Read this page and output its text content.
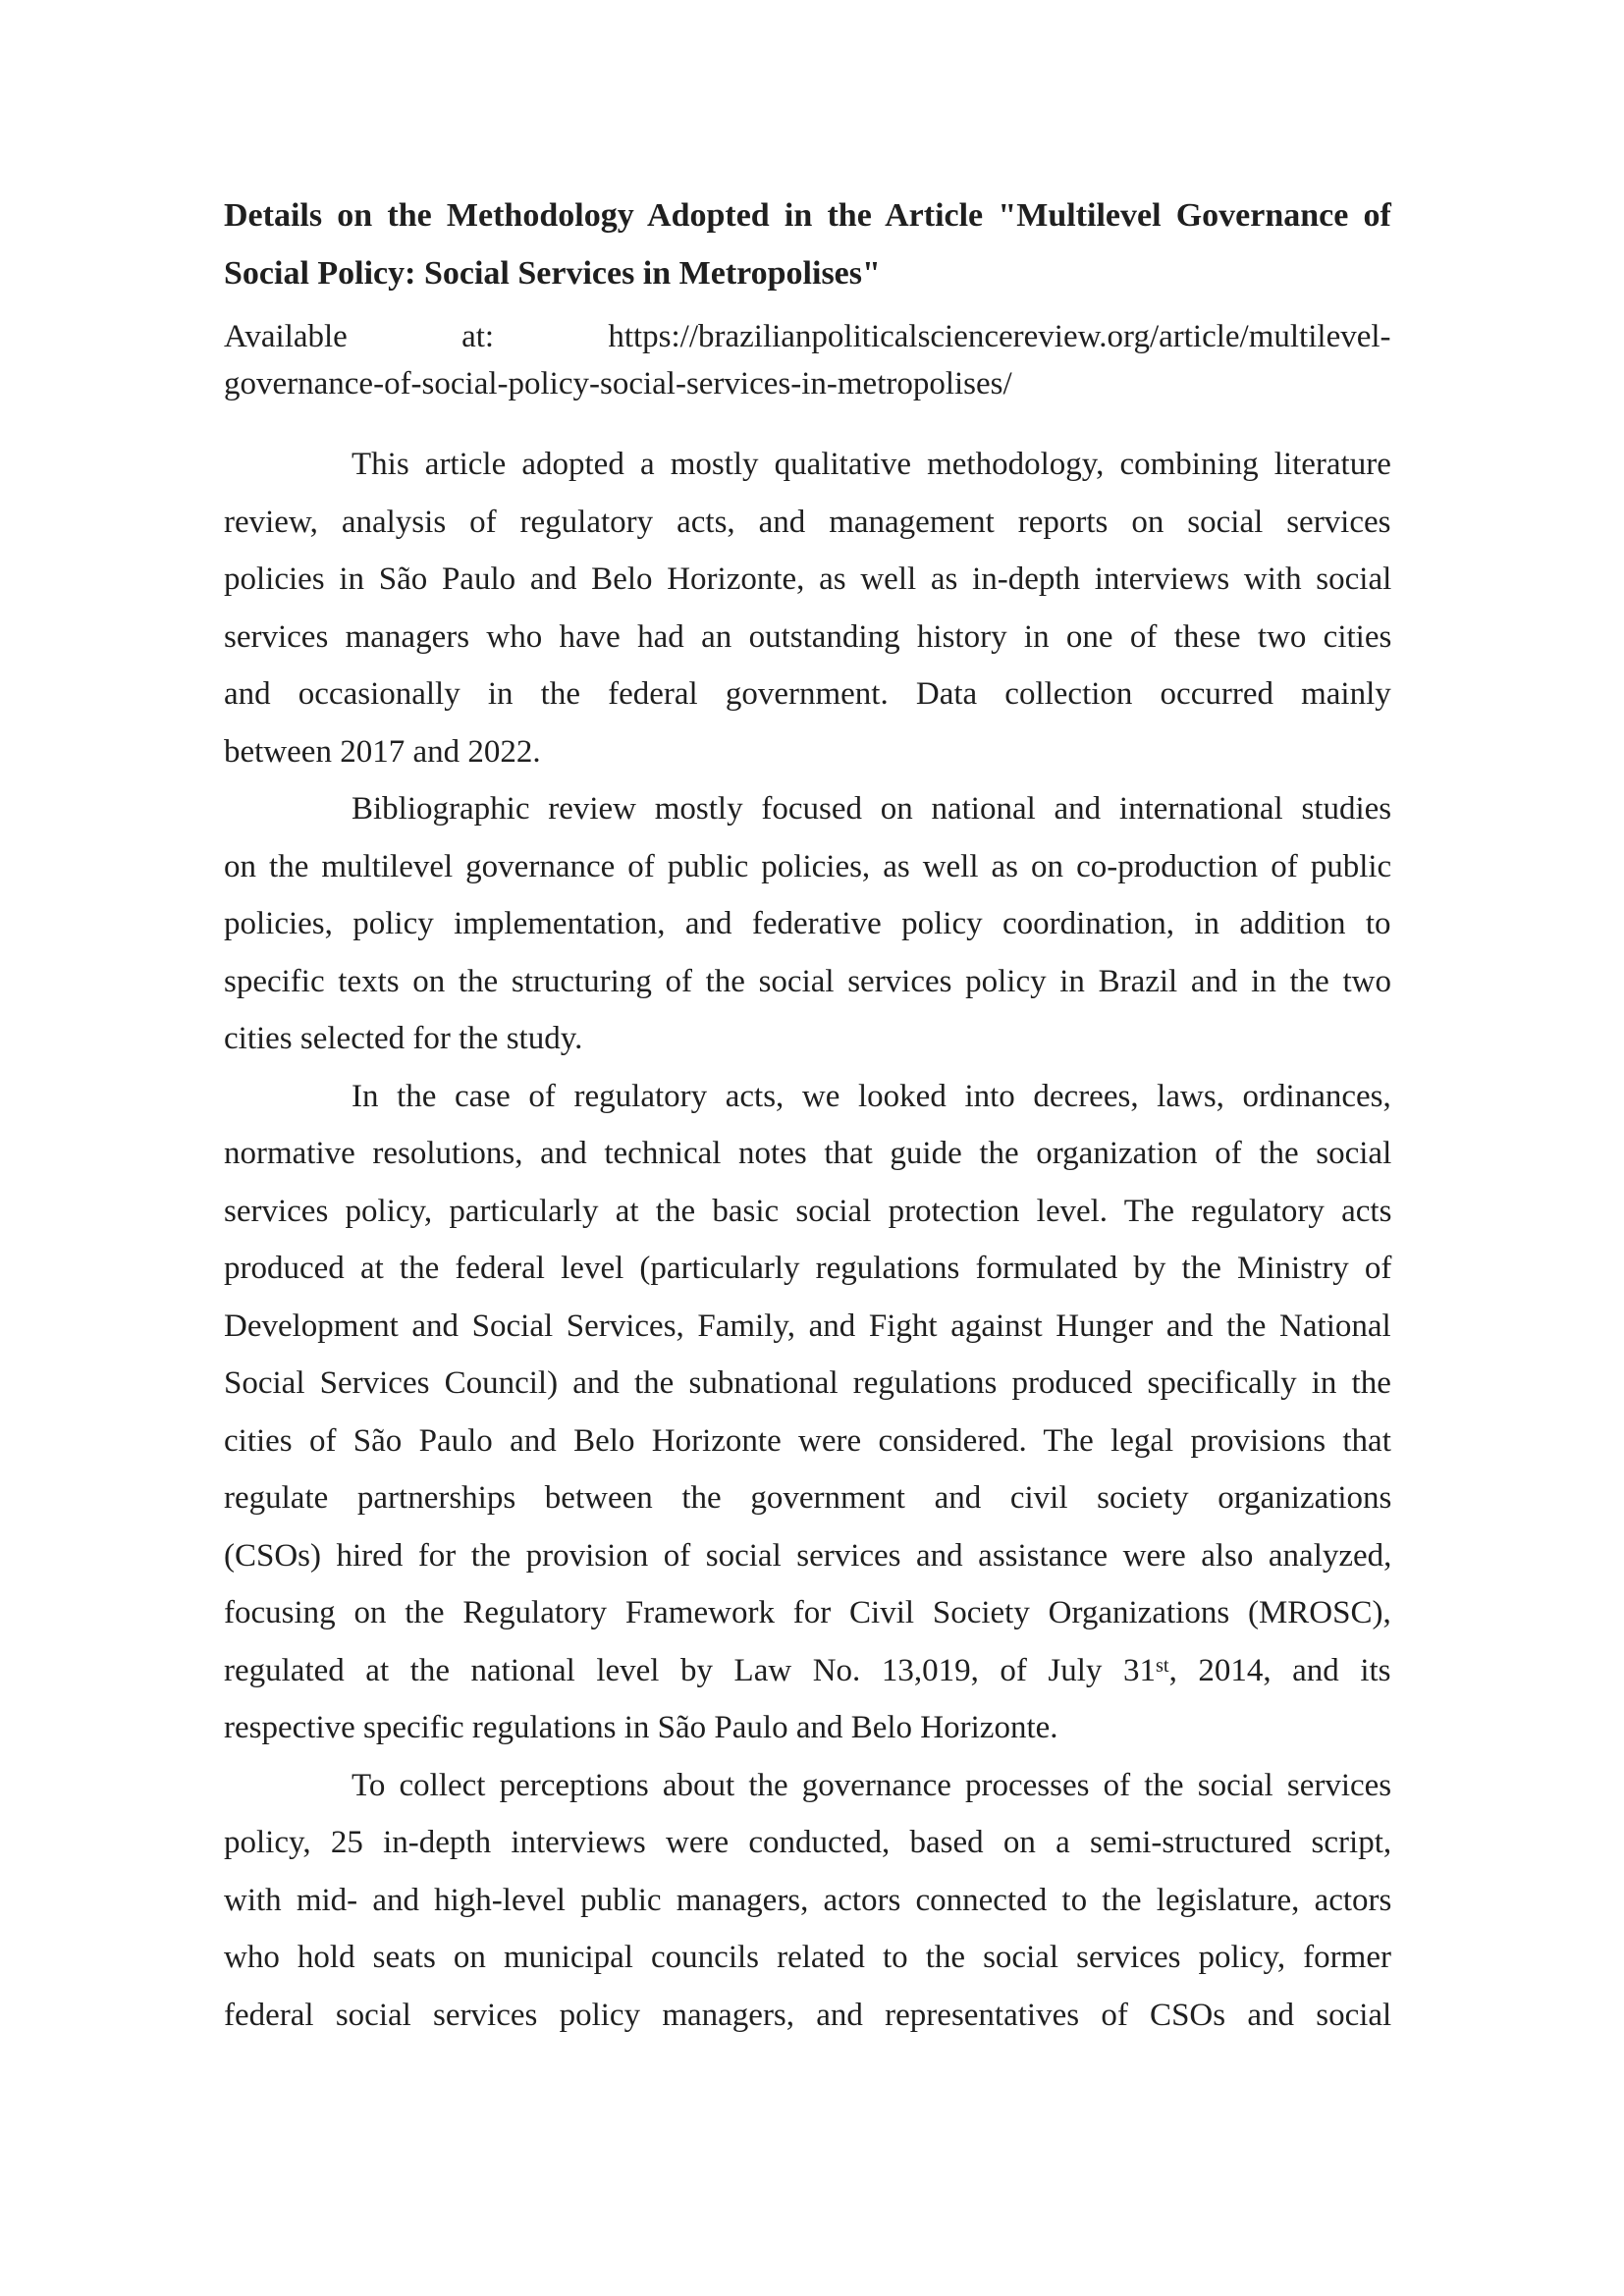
Details on the Methodology Adopted in the Article "Multilevel Governance of
Social Policy: Social Services in Metropolises"
Available at: https://brazilianpoliticalsciencereview.org/article/multilevel-
governance-of-social-policy-social-services-in-metropolises/
This article adopted a mostly qualitative methodology, combining literature
review, analysis of regulatory acts, and management reports on social services
policies in São Paulo and Belo Horizonte, as well as in-depth interviews with social
services managers who have had an outstanding history in one of these two cities
and occasionally in the federal government. Data collection occurred mainly
between 2017 and 2022.
Bibliographic review mostly focused on national and international studies
on the multilevel governance of public policies, as well as on co-production of public
policies, policy implementation, and federative policy coordination, in addition to
specific texts on the structuring of the social services policy in Brazil and in the two
cities selected for the study.
In the case of regulatory acts, we looked into decrees, laws, ordinances,
normative resolutions, and technical notes that guide the organization of the social
services policy, particularly at the basic social protection level. The regulatory acts
produced at the federal level (particularly regulations formulated by the Ministry of
Development and Social Services, Family, and Fight against Hunger and the National
Social Services Council) and the subnational regulations produced specifically in the
cities of São Paulo and Belo Horizonte were considered. The legal provisions that
regulate partnerships between the government and civil society organizations
(CSOs) hired for the provision of social services and assistance were also analyzed,
focusing on the Regulatory Framework for Civil Society Organizations (MROSC),
regulated at the national level by Law No. 13,019, of July 31st, 2014, and its
respective specific regulations in São Paulo and Belo Horizonte.
To collect perceptions about the governance processes of the social services
policy, 25 in-depth interviews were conducted, based on a semi-structured script,
with mid- and high-level public managers, actors connected to the legislature, actors
who hold seats on municipal councils related to the social services policy, former
federal social services policy managers, and representatives of CSOs and social
